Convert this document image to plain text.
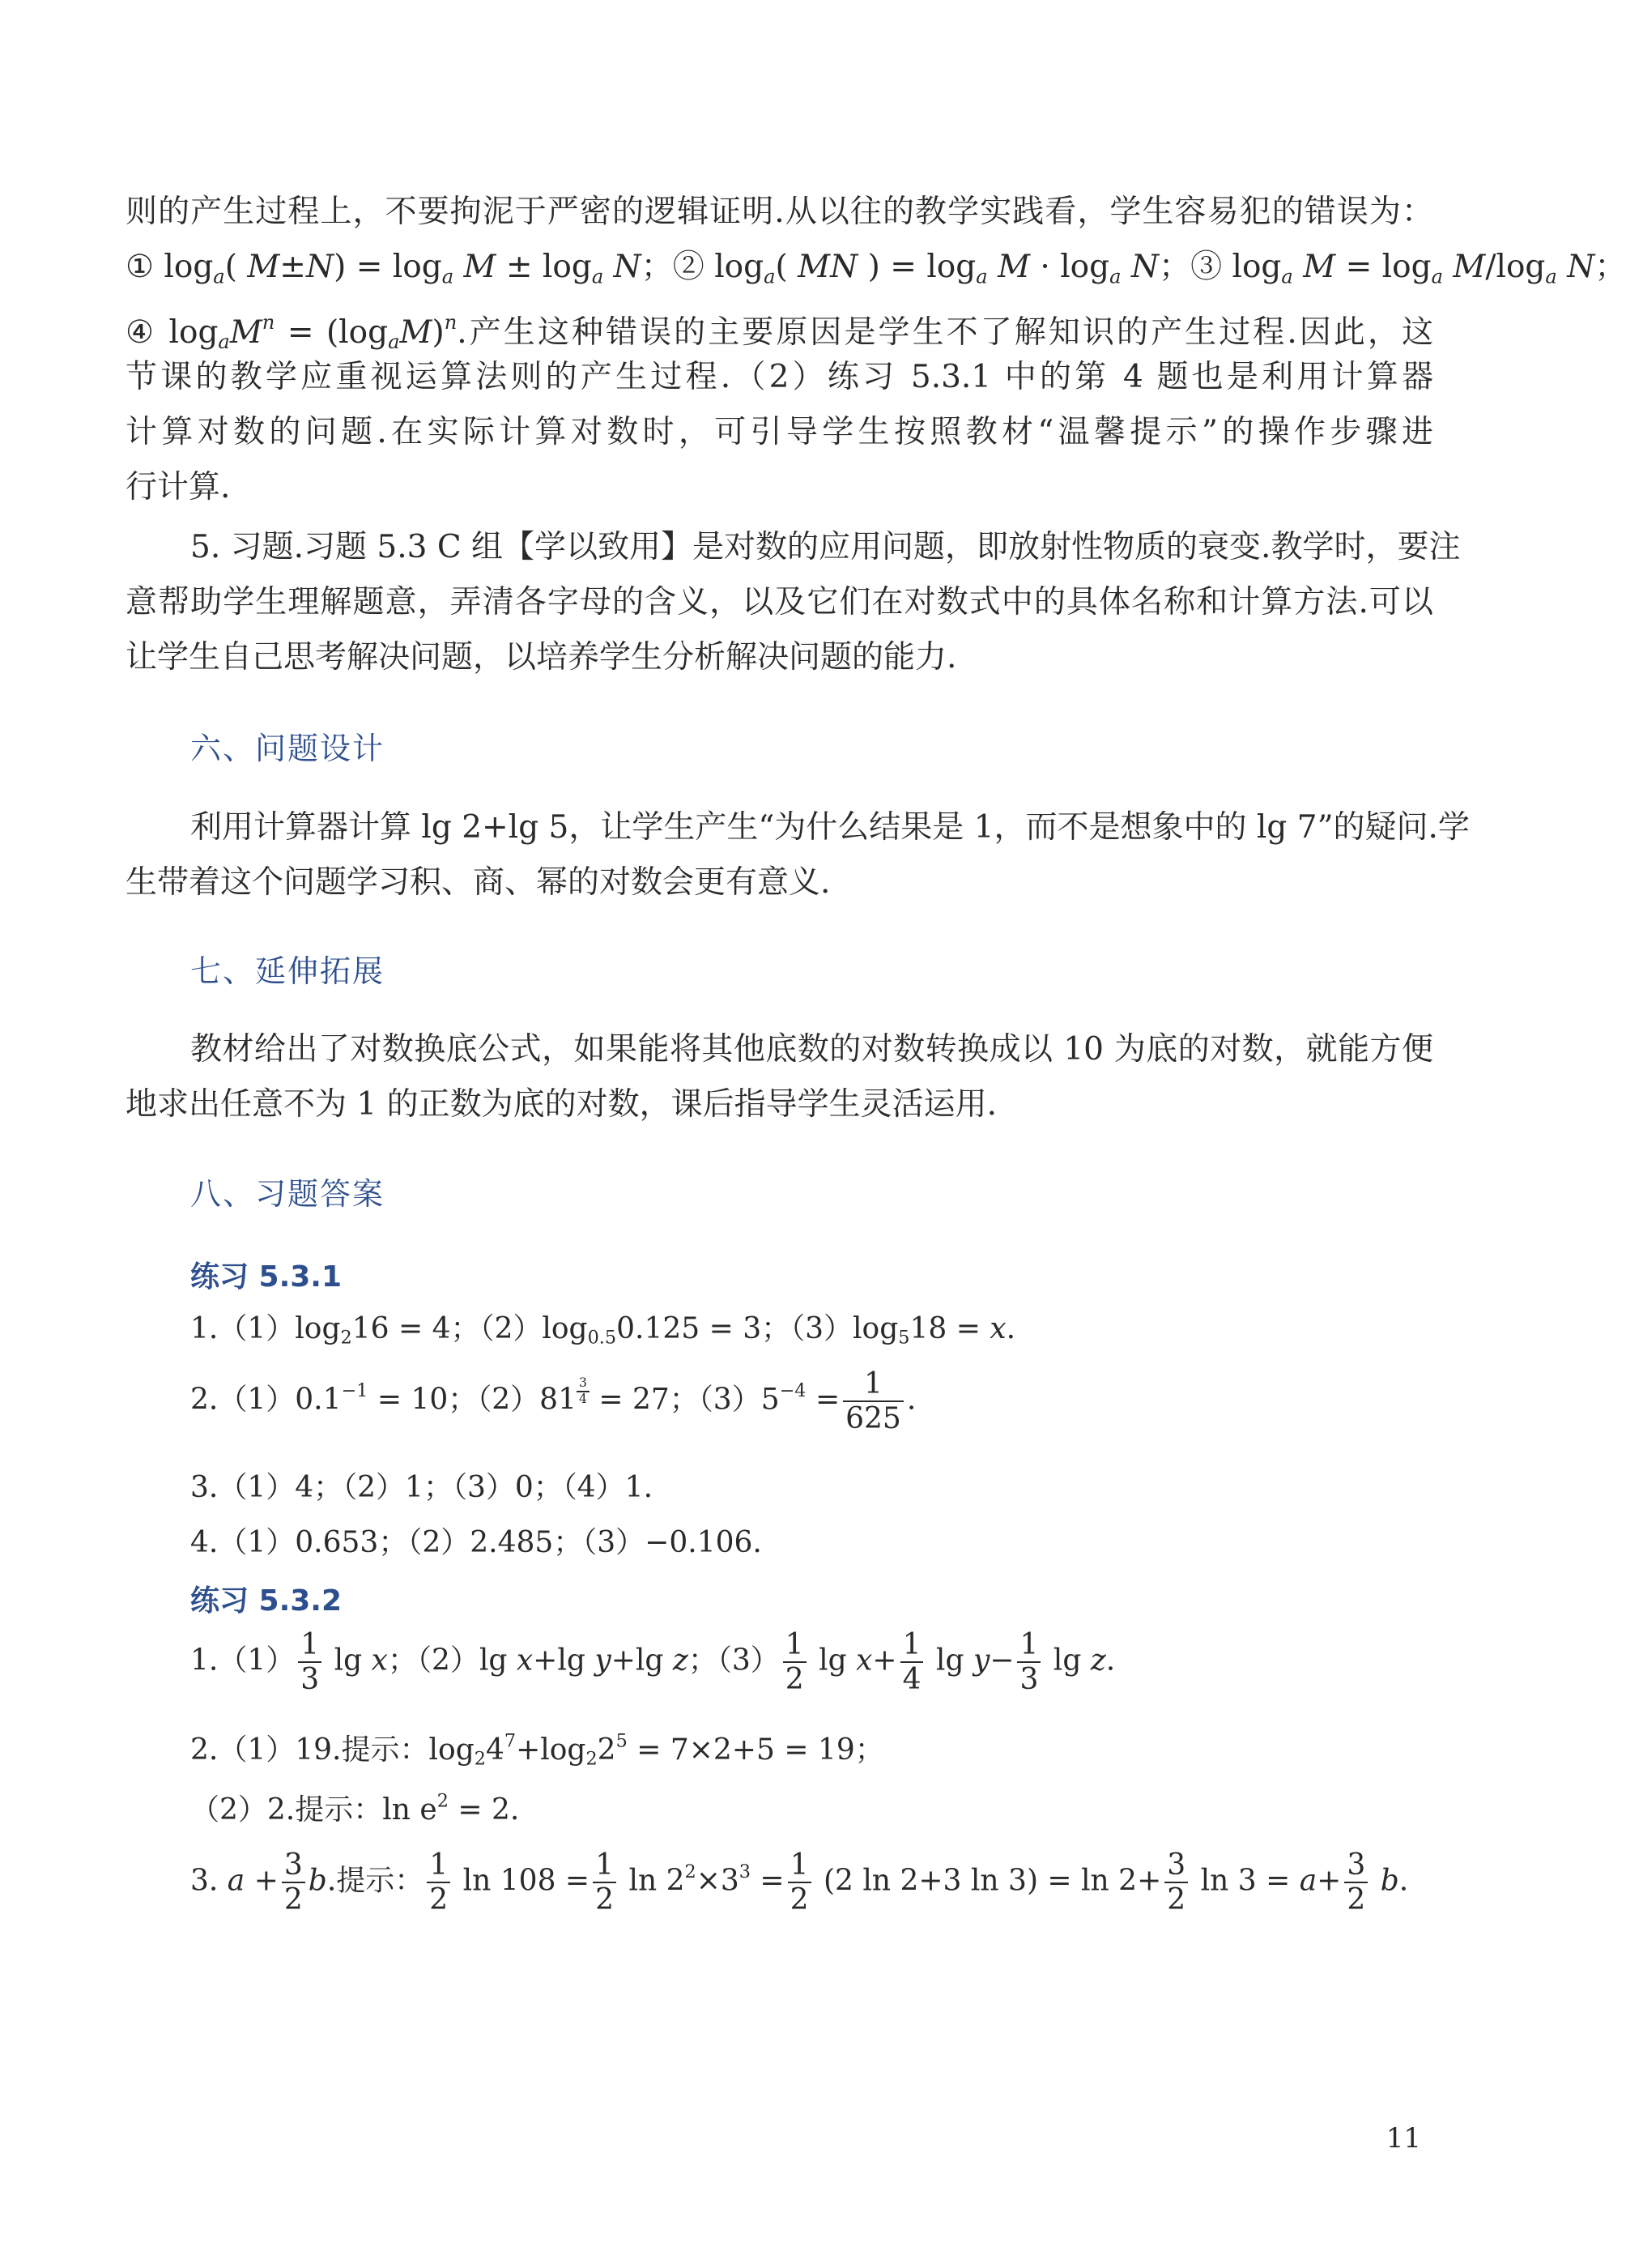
则的产生过程上，不要拘泥于严密的逻辑证明.从以往的教学实践看，学生容易犯的错误为：

① $\log_a$( $M\pm N) = \log_a M \pm \log_a N$；② $\log_a$( MN ) = $\log_a M \cdot \log_a N$；③ $\log_a M = \log_a M/\log_a$ N；

④ $\log_aM^n = (\log_aM)^n$.产生这种错误的主要原因是学生不了解知识的产生过程.因此，这

节课的教学应重视运算法则的产生过程.（2）练习 5.3.1 中的第 4 题也是利用计算器

计算对数的问题.在实际计算对数时，可引导学生按照教材“温馨提示”的操作步骤进

行计算.

5. 习题.习题 5.3 C 组【学以致用】是对数的应用问题，即放射性物质的衰变.教学时，要注

意帮助学生理解题意，弄清各字母的含义，以及它们在对数式中的具体名称和计算方法.可以

让学生自己思考解决问题，以培养学生分析解决问题的能力.

六、问题设计

利用计算器计算 lg 2+lg 5，让学生产生“为什么结果是 1，而不是想象中的 lg 7”的疑问.学

生带着这个问题学习积、商、幂的对数会更有意义.

七、延伸拓展

教材给出了对数换底公式，如果能将其他底数的对数转换成以 10 为底的对数，就能方便

地求出任意不为 1 的正数为底的对数，课后指导学生灵活运用.

八、习题答案

练习 5.3.1

$1.(1)\log_216 = 4$；$(2)\log_{0.5}0.125 = 3$；$(3)\log_518 = x$.

$2.(1)0.1^{-1} = 10$；（2）81 $^{\frac{3}{4}}$ = 27；$(3)5^{-4} = \frac{1}{625}$ .

3.（1）4；（2）1；（3）0；（4）1.

4.（1）0.653；（2）2.485；（3）−0.106.

练习 5.3.2

$1.(1) \frac{1}{3}$ lg x；（2）lg x+lg y+lg z；$(3) \frac{1}{2}$ $\lg x+ \frac{1}{4}$ $\lg y- \frac{1}{3}$ lg z.

2.（1）19.提示：$\log_24^7+\log_22^5 = 7\times 2+5 = 19$；

（2）2.提示：$\ln e^2 = 2$.

3. $a + \frac{3}{2} b$.提示： $\frac{1}{2}$ $\ln 108 = \frac{1}{2}$ $\ln 2^2\times 3^3 = \frac{1}{2} (2$ ln 2+3 $\ln 3) = \ln 2+ \frac{3}{2}$ $\ln 3 = a+ \frac{3}{2} b$.

11
